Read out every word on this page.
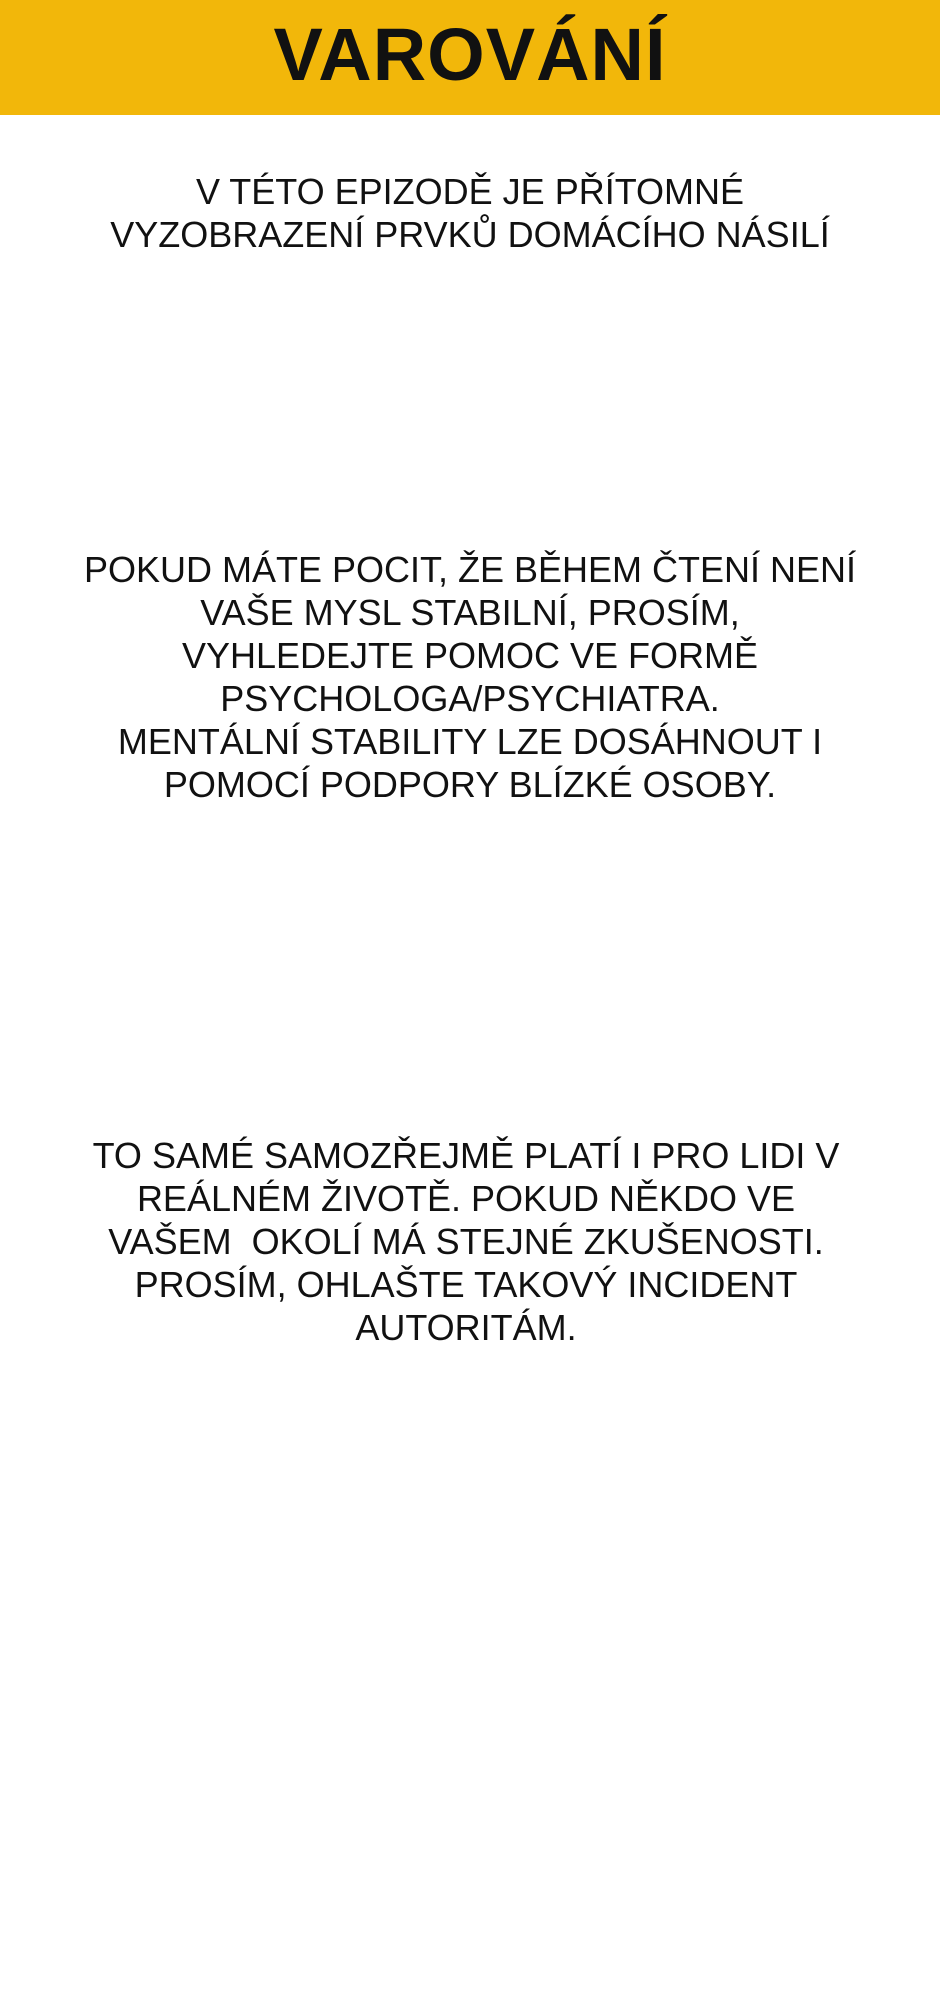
VAROVÁNÍ
V TÉTO EPIZODĚ JE PŘÍTOMNÉ
VYZOBRAZENÍ PRVKŮ DOMÁCÍHO NÁSILÍ
POKUD MÁTE POCIT, ŽE BĚHEM ČTENÍ NENÍ
VAŠE MYSL STABILNÍ, PROSÍM,
VYHLEDEJTE POMOC VE FORMĚ
PSYCHOLOGA/PSYCHIATRA.
MENTÁLNÍ STABILITY LZE DOSÁHNOUT I
POMOCÍ PODPORY BLÍZKÉ OSOBY.
TO SAMÉ SAMOZŘEJMĚ PLATÍ I PRO LIDI V
REÁLNÉM ŽIVOTĚ. POKUD NĚKDO VE
VAŠEM  OKOLÍ MÁ STEJNÉ ZKUŠENOSTI.
PROSÍM, OHLAŠTE TAKOVÝ INCIDENT
AUTORITÁM.
